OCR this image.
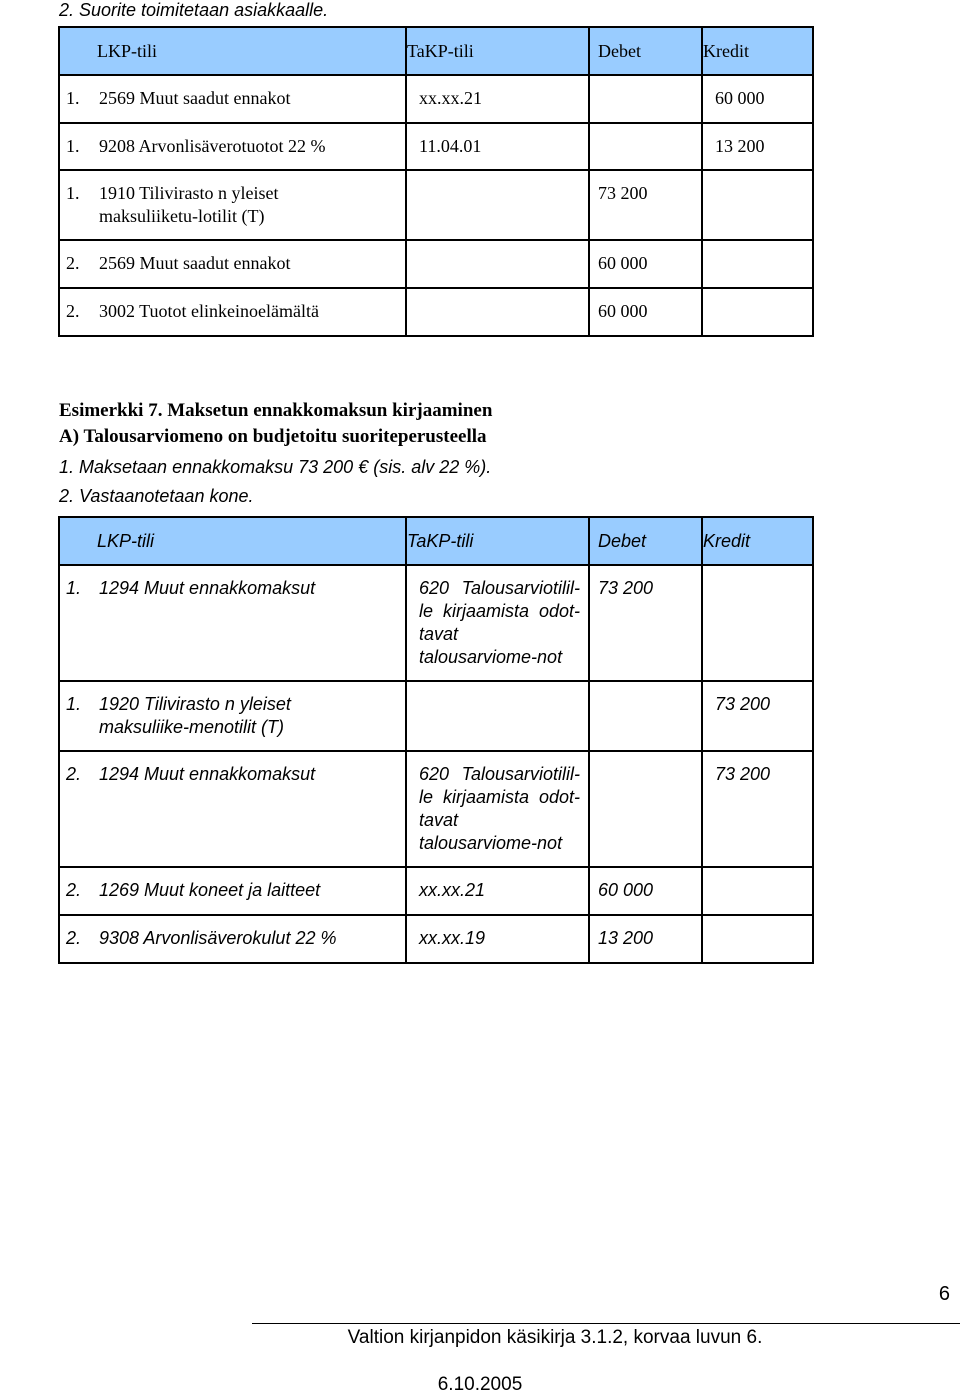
2. Suorite toimitetaan asiakkaalle.
LKP-tili	TaKP-tili	Debet	Kredit

1. 2569 Muut saadut ennakot	xx.xx.21		60 000

1. 9208 Arvonlisäverotuotot 22 %	11.04.01		13 200

1. 1910 Tilivirasto n yleiset maksuliiketu-lotilit (T)		73 200	

2. 2569 Muut saadut ennakot		60 000	

2. 3002 Tuotot elinkeinoelämältä		60 000	

Esimerkki 7. Maksetun ennakkomaksun kirjaaminen
A) Talousarviomeno on budjetoitu suoriteperusteella
1. Maksetaan ennakkomaksu 73 200 € (sis. alv 22 %).
2. Vastaanotetaan kone.
LKP-tili	TaKP-tili	Debet	Kredit

1. 1294 Muut ennakkomaksut	620 Talousarviotilil-le kirjaamista odot-tavat talousarviome-not	73 200	

1. 1920 Tilivirasto n yleiset maksuliike-menotilit (T)			73 200

2. 1294 Muut ennakkomaksut	620 Talousarviotilil-le kirjaamista odot-tavat talousarviome-not		73 200

2. 1269 Muut koneet ja laitteet	xx.xx.21	60 000	

2. 9308 Arvonlisäverokulut 22 %	xx.xx.19	13 200	

6
Valtion kirjanpidon käsikirja 3.1.2, korvaa luvun 6.
6.10.2005
